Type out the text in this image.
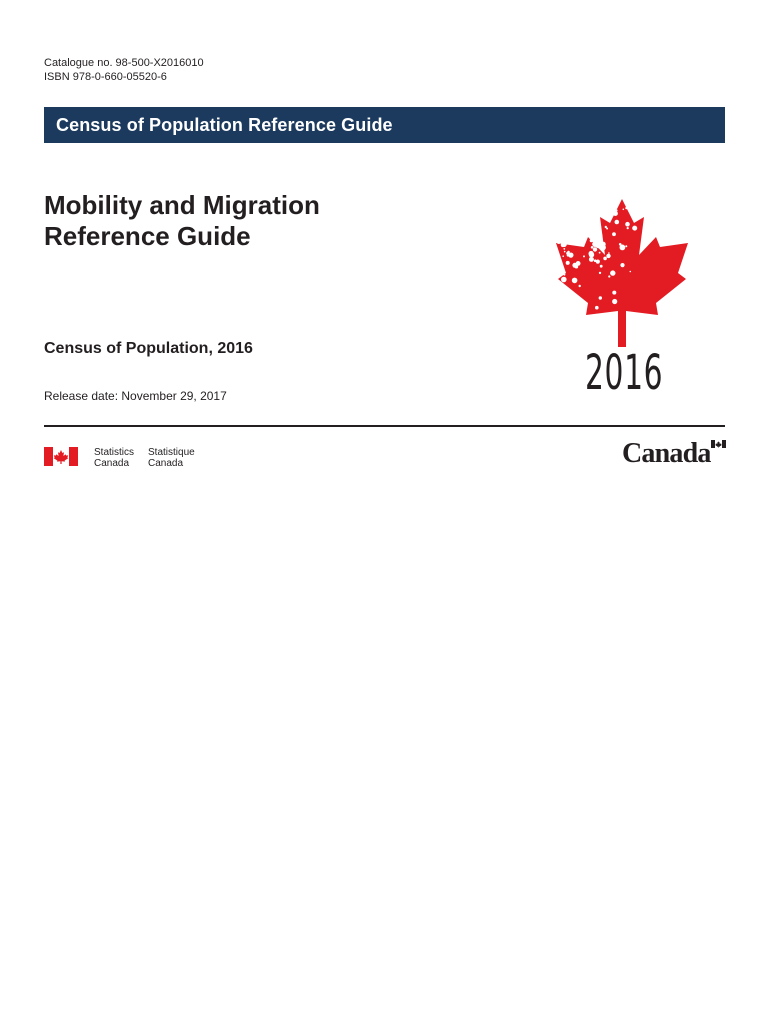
Catalogue no. 98-500-X2016010
ISBN 978-0-660-05520-6
Census of Population Reference Guide
Mobility and Migration
Reference Guide
Census of Population, 2016
Release date: November 29, 2017	2016
Statistics
Canada
Statistique
Canada	Canada
